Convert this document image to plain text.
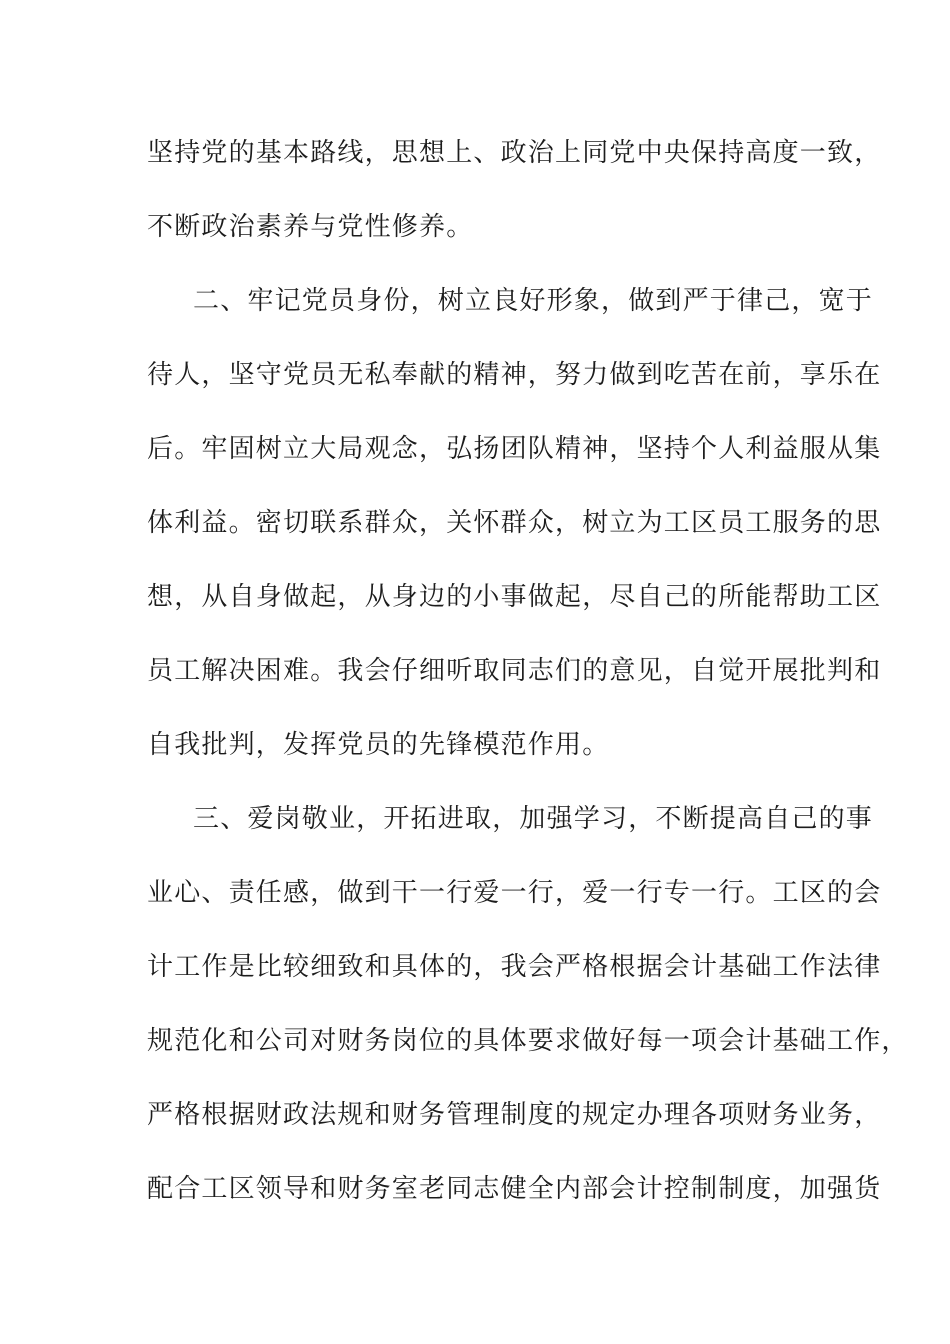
坚持党的基本路线，思想上、政治上同党中央保持高度一致，
不断政治素养与党性修养。
二、牢记党员身份，树立良好形象，做到严于律己，宽于
待人，坚守党员无私奉献的精神，努力做到吃苦在前，享乐在
后。牢固树立大局观念，弘扬团队精神，坚持个人利益服从集
体利益。密切联系群众，关怀群众，树立为工区员工服务的思
想，从自身做起，从身边的小事做起，尽自己的所能帮助工区
员工解决困难。我会仔细听取同志们的意见，自觉开展批判和
自我批判，发挥党员的先锋模范作用。
三、爱岗敬业，开拓进取，加强学习，不断提高自己的事
业心、责任感，做到干一行爱一行，爱一行专一行。工区的会
计工作是比较细致和具体的，我会严格根据会计基础工作法律
规范化和公司对财务岗位的具体要求做好每一项会计基础工作，
严格根据财政法规和财务管理制度的规定办理各项财务业务，
配合工区领导和财务室老同志健全内部会计控制制度，加强货
